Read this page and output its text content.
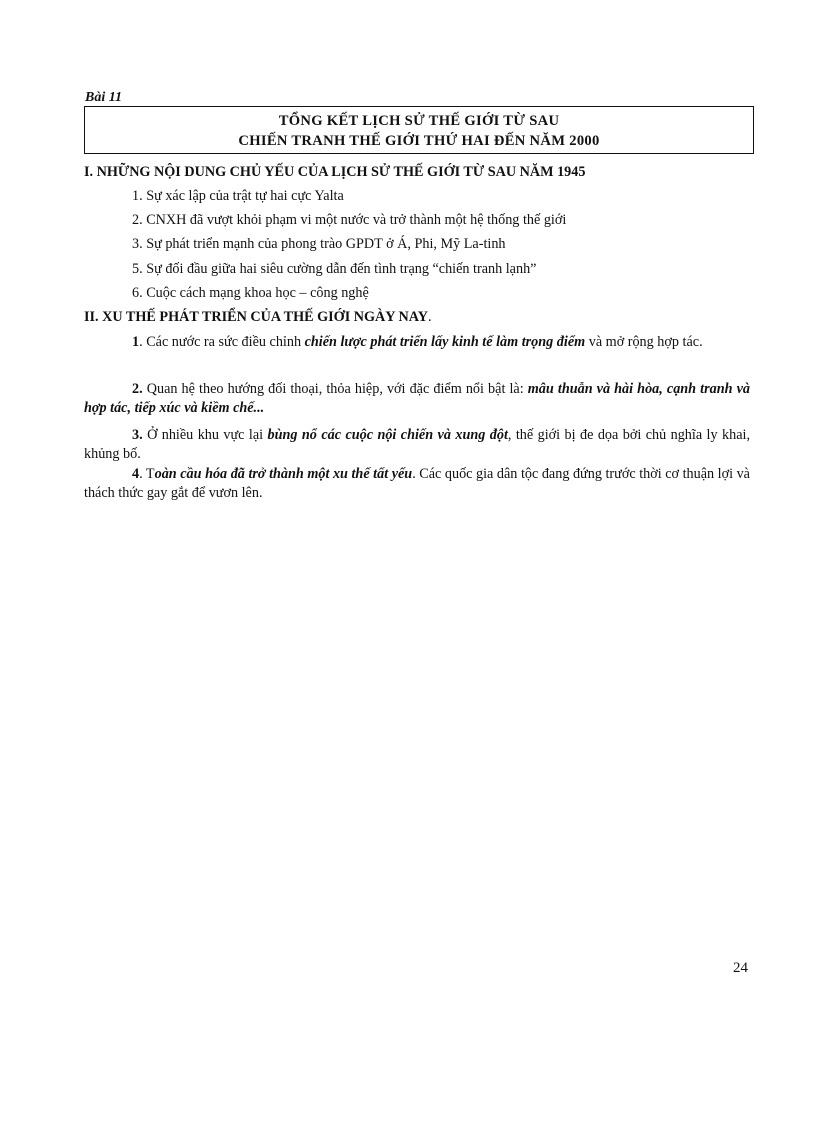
Bài 11
TỔNG KẾT LỊCH SỬ THẾ GIỚI TỪ SAU
CHIẾN TRANH THẾ GIỚI THỨ HAI ĐẾN NĂM 2000
I. NHỮNG NỘI DUNG CHỦ YẾU CỦA LỊCH SỬ THẾ GIỚI TỪ SAU NĂM 1945
1. Sự xác lập của trật tự hai cực Yalta
2. CNXH đã vượt khỏi phạm vi một nước và trở thành một hệ thống thế giới
3. Sự phát triển mạnh của phong trào GPDT ở Á, Phi, Mỹ La-tinh
5. Sự đối đầu giữa hai siêu cường dẫn đến tình trạng “chiến tranh lạnh”
6. Cuộc cách mạng khoa học – công nghệ
II. XU THẾ PHÁT TRIỂN CỦA THẾ GIỚI NGÀY NAY.
1. Các nước ra sức điều chỉnh chiến lược phát triển lấy kinh tế làm trọng điểm và mở rộng hợp tác.
2. Quan hệ theo hướng đối thoại, thỏa hiệp, với đặc điểm nổi bật là: mâu thuẫn và hài hòa, cạnh tranh và hợp tác, tiếp xúc và kiềm chế...
3. Ở nhiều khu vực lại bùng nổ các cuộc nội chiến và xung đột, thế giới bị đe dọa bởi chủ nghĩa ly khai, khủng bố.
4. Toàn cầu hóa đã trở thành một xu thế tất yếu. Các quốc gia dân tộc đang đứng trước thời cơ thuận lợi và thách thức gay gắt để vươn lên.
24
